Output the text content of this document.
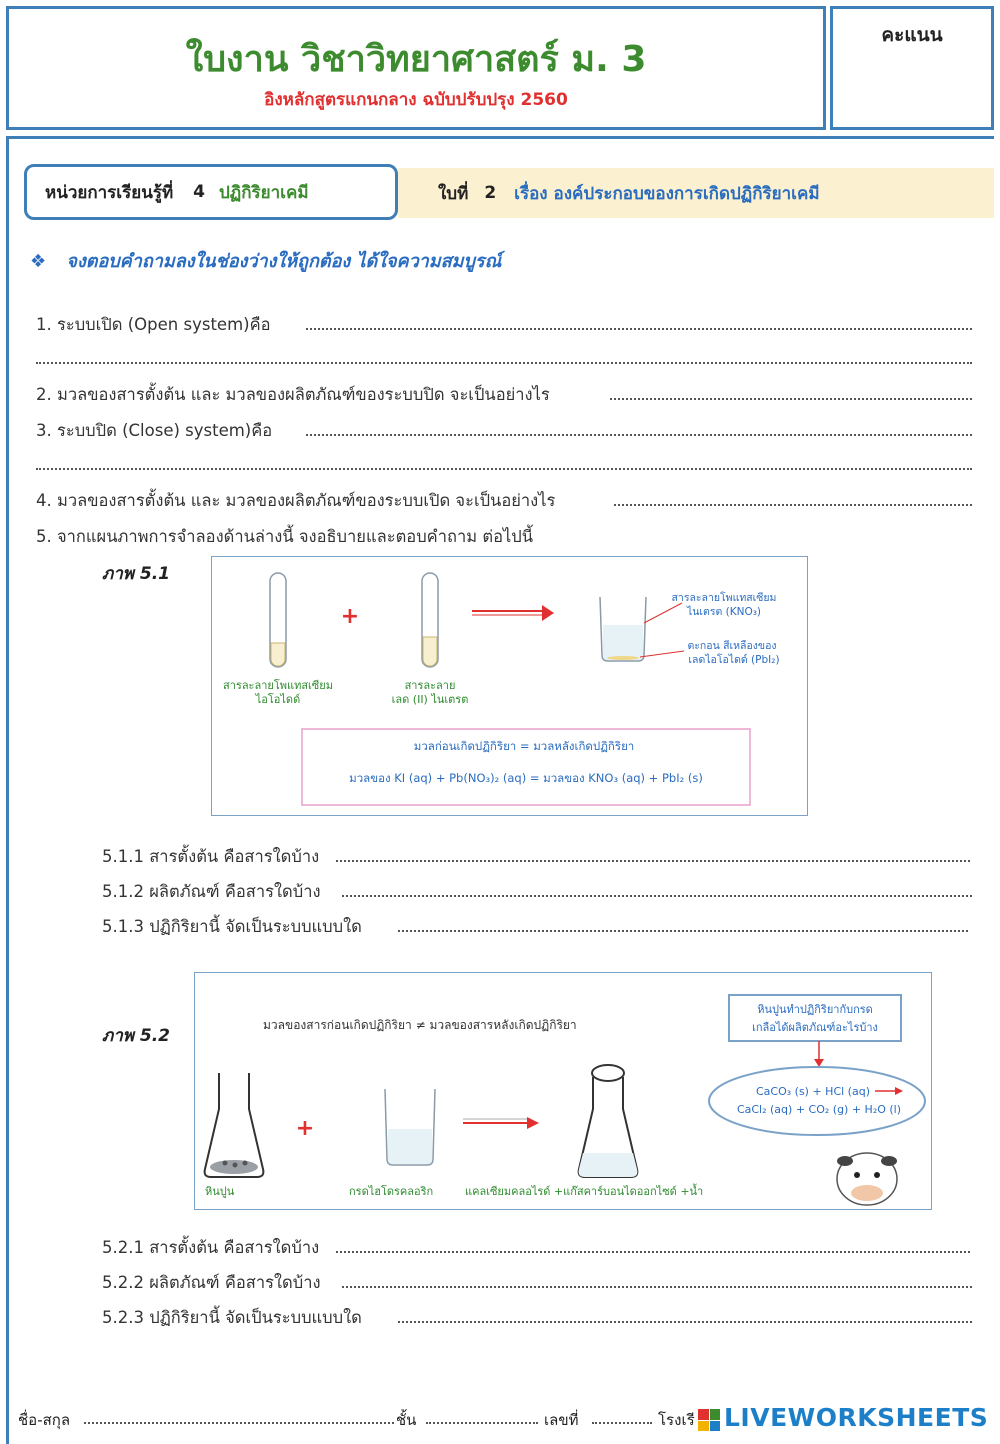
ใบงาน วิชาวิทยาศาสตร์ ม. 3
อิงหลักสูตรแกนกลาง ฉบับปรับปรุง 2560
คะแนน
ใบที่ 2 เรื่อง องค์ประกอบของการเกิดปฏิกิริยาเคมี
หน่วยการเรียนรู้ที่ 4 ปฏิกิริยาเคมี
❖ จงตอบคำถามลงในช่องว่างให้ถูกต้อง ได้ใจความสมบูรณ์
1. ระบบเปิด (Open system)คือ
2. มวลของสารตั้งต้น และ มวลของผลิตภัณฑ์ของระบบปิด จะเป็นอย่างไร
3. ระบบปิด (Close) system)คือ
4. มวลของสารตั้งต้น และ มวลของผลิตภัณฑ์ของระบบเปิด จะเป็นอย่างไร
5. จากแผนภาพการจำลองด้านล่างนี้ จงอธิบายและตอบคำถาม ต่อไปนี้
ภาพ 5.1
สารละลายโพแทสเซียม
ไอโอไดด์
+
สารละลาย
เลด (II) ไนเตรต
สารละลายโพแทสเซียม
ไนเตรต (KNO₃)
ตะกอน สีเหลืองของ
เลดไอโอไดด์ (PbI₂)
มวลก่อนเกิดปฏิกิริยา = มวลหลังเกิดปฏิกิริยา
มวลของ KI (aq) + Pb(NO₃)₂ (aq) = มวลของ KNO₃ (aq) + PbI₂ (s)
5.1.1 สารตั้งต้น คือสารใดบ้าง
5.1.2 ผลิตภัณฑ์ คือสารใดบ้าง
5.1.3 ปฏิกิริยานี้ จัดเป็นระบบแบบใด
ภาพ 5.2
มวลของสารก่อนเกิดปฏิกิริยา ≠ มวลของสารหลังเกิดปฏิกิริยา
หินปูน
+
กรดไฮโดรคลอริก	แคลเซียมคลอไรด์ +แก๊สคาร์บอนไดออกไซด์ +น้ำ
หินปูนทำปฏิกิริยากับกรด
เกลือได้ผลิตภัณฑ์อะไรบ้าง
CaCO₃ (s) + HCl (aq)
CaCl₂ (aq) + CO₂ (g) + H₂O (l)
5.2.1 สารตั้งต้น คือสารใดบ้าง
5.2.2 ผลิตภัณฑ์ คือสารใดบ้าง
5.2.3 ปฏิกิริยานี้ จัดเป็นระบบแบบใด
ชื่อ-สกุล	ชั้น	เลขที่	โรงเรี LIVEWORKSHEETS
